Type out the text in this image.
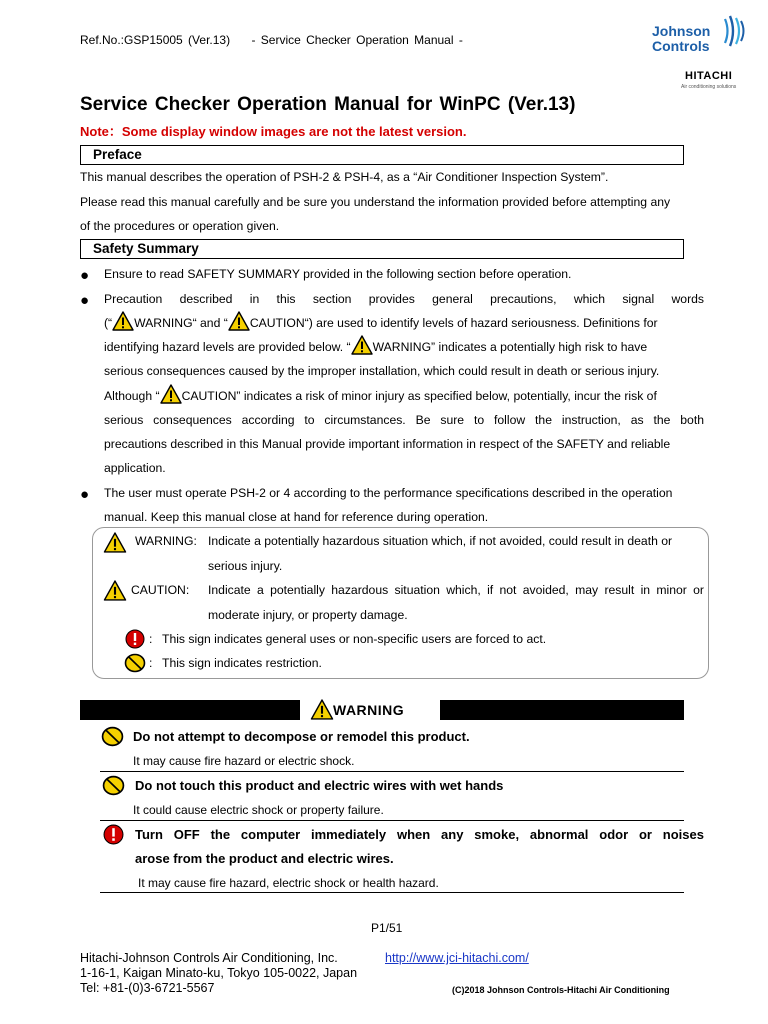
Ref.No.:GSP15005 (Ver.13) - Service Checker Operation Manual -
Johnson
Controls
HITACHI
Air conditioning solutions
Service Checker Operation Manual for WinPC (Ver.13)
Note：Some display window images are not the latest version.
Preface
This manual describes the operation of PSH-2 & PSH-4, as a “Air Conditioner Inspection System”.
Please read this manual carefully and be sure you understand the information provided before attempting any
of the procedures or operation given.
Safety Summary
● Ensure to read SAFETY SUMMARY provided in the following section before operation.
● Precaution described in this section provides general precautions, which signal words
(“ WARNING“ and “ CAUTION“) are used to identify levels of hazard seriousness. Definitions for
identifying hazard levels are provided below. “ WARNING” indicates a potentially high risk to have
serious consequences caused by the improper installation, which could result in death or serious injury.
Although “ CAUTION” indicates a risk of minor injury as specified below, potentially, incur the risk of
serious consequences according to circumstances. Be sure to follow the instruction, as the both
precautions described in this Manual provide important information in respect of the SAFETY and reliable
application.
● The user must operate PSH-2 or 4 according to the performance specifications described in the operation
manual. Keep this manual close at hand for reference during operation.
WARNING: Indicate a potentially hazardous situation which, if not avoided, could result in death or
serious injury.
CAUTION: Indicate a potentially hazardous situation which, if not avoided, may result in minor or
moderate injury, or property damage.
: This sign indicates general uses or non-specific users are forced to act.
: This sign indicates restriction.
WARNING
Do not attempt to decompose or remodel this product.
It may cause fire hazard or electric shock.
Do not touch this product and electric wires with wet hands
It could cause electric shock or property failure.
Turn OFF the computer immediately when any smoke, abnormal odor or noises
arose from the product and electric wires.
It may cause fire hazard, electric shock or health hazard.
P1/51
Hitachi-Johnson Controls Air Conditioning, Inc.	http://www.jci-hitachi.com/
1-16-1, Kaigan Minato-ku, Tokyo 105-0022, Japan
Tel: +81-(0)3-6721-5567	(C)2018 Johnson Controls-Hitachi Air Conditioning
